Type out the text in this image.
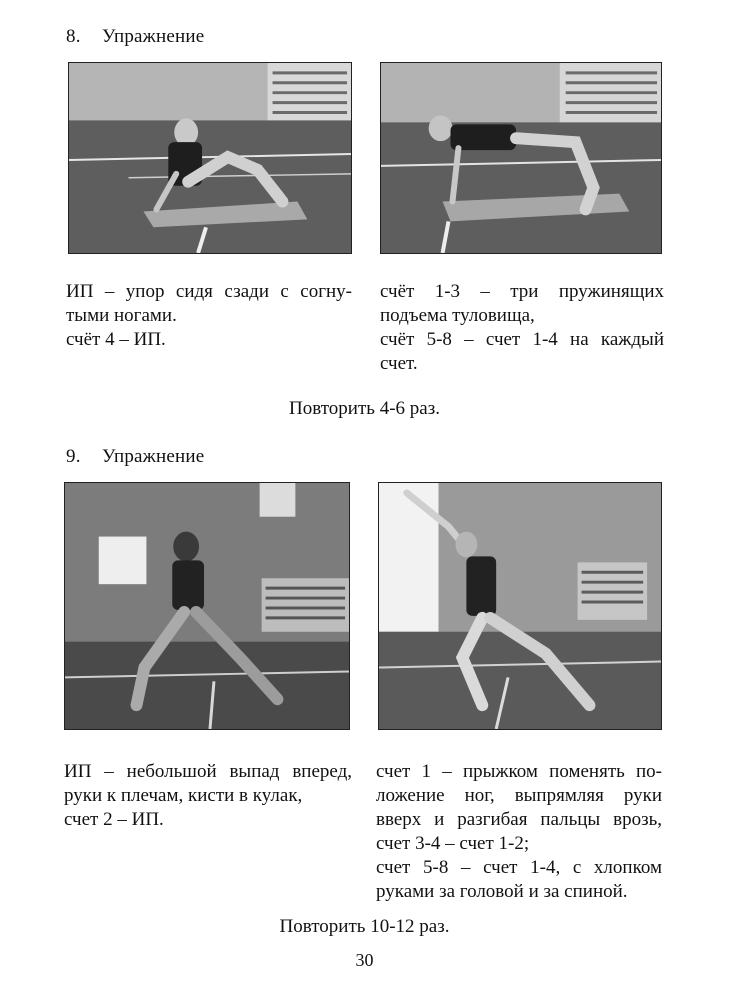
8. Упражнение
ИП – упор сидя сзади с согну-
тыми ногами.
счёт 4 – ИП.
счёт 1-3 – три пружинящих
подъема туловища,
счёт 5-8 – счет 1-4 на каждый
счет.
Повторить 4-6 раз.
9. Упражнение
ИП – небольшой выпад вперед,
руки к плечам, кисти в кулак,
счет 2 – ИП.
счет 1 – прыжком поменять по-
ложение ног, выпрямляя руки
вверх и разгибая пальцы врозь,
счет 3-4 – счет 1-2;
счет 5-8 – счет 1-4, с хлопком
руками за головой и за спиной.
Повторить 10-12 раз.
30
